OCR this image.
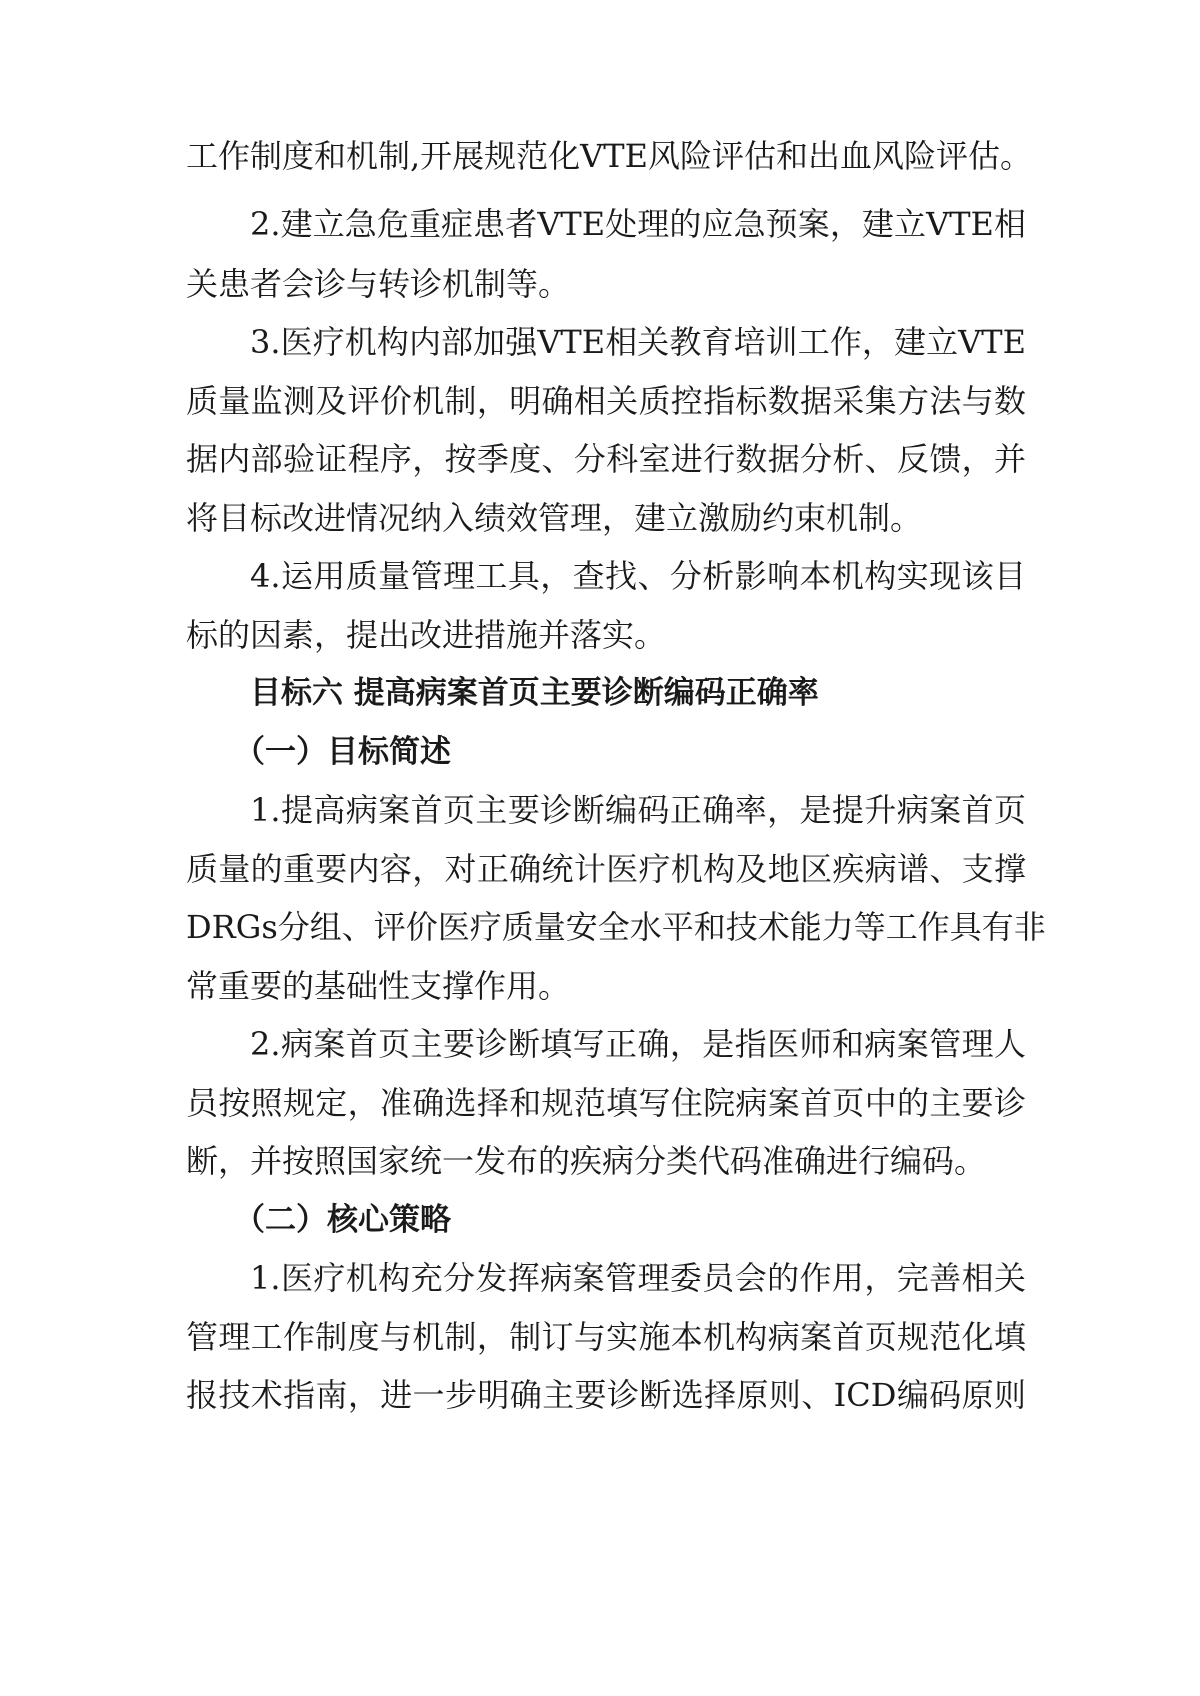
工作制度和机制,开展规范化VTE风险评估和出血风险评估。
2.建立急危重症患者VTE处理的应急预案，建立VTE相
关患者会诊与转诊机制等。
3.医疗机构内部加强VTE相关教育培训工作，建立VTE
质量监测及评价机制，明确相关质控指标数据采集方法与数
据内部验证程序，按季度、分科室进行数据分析、反馈，并
将目标改进情况纳入绩效管理，建立激励约束机制。
4.运用质量管理工具，查找、分析影响本机构实现该目
标的因素，提出改进措施并落实。
目标六 提高病案首页主要诊断编码正确率
（一）目标简述
1.提高病案首页主要诊断编码正确率，是提升病案首页
质量的重要内容，对正确统计医疗机构及地区疾病谱、支撑
DRGs分组、评价医疗质量安全水平和技术能力等工作具有非
常重要的基础性支撑作用。
2.病案首页主要诊断填写正确，是指医师和病案管理人
员按照规定，准确选择和规范填写住院病案首页中的主要诊
断，并按照国家统一发布的疾病分类代码准确进行编码。
（二）核心策略
1.医疗机构充分发挥病案管理委员会的作用，完善相关
管理工作制度与机制，制订与实施本机构病案首页规范化填
报技术指南，进一步明确主要诊断选择原则、ICD编码原则
